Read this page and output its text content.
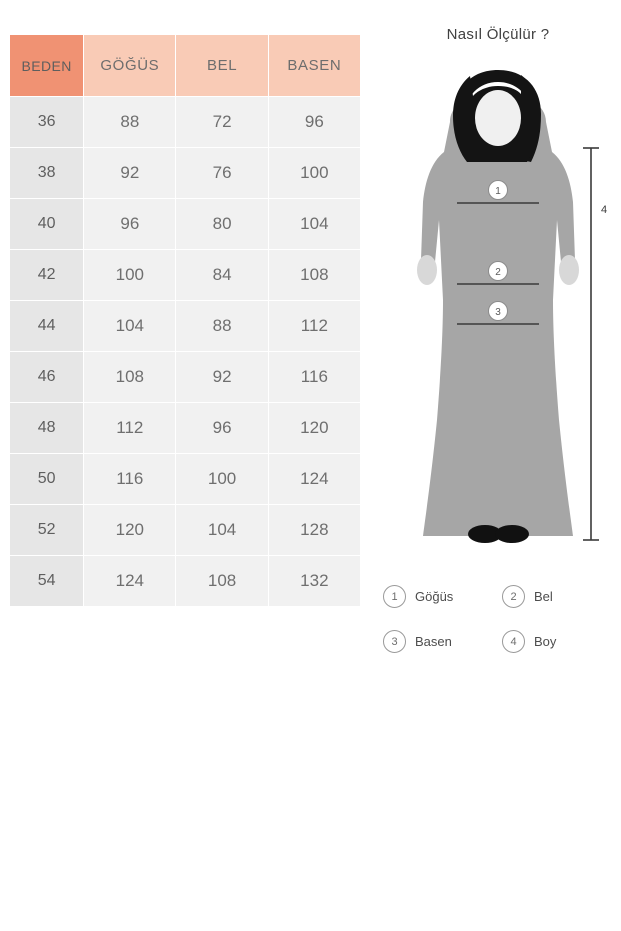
BEDEN	GÖĞÜS	BEL	BASEN
36	88	72	96
38	92	76	100
40	96	80	104
42	100	84	108
44	104	88	112
46	108	92	116
48	112	96	120
50	116	100	124
52	120	104	128
54	124	108	132
Nasıl Ölçülür ?
1
2
3
4
1	Göğüs	2	Bel
3	Basen	4	Boy
